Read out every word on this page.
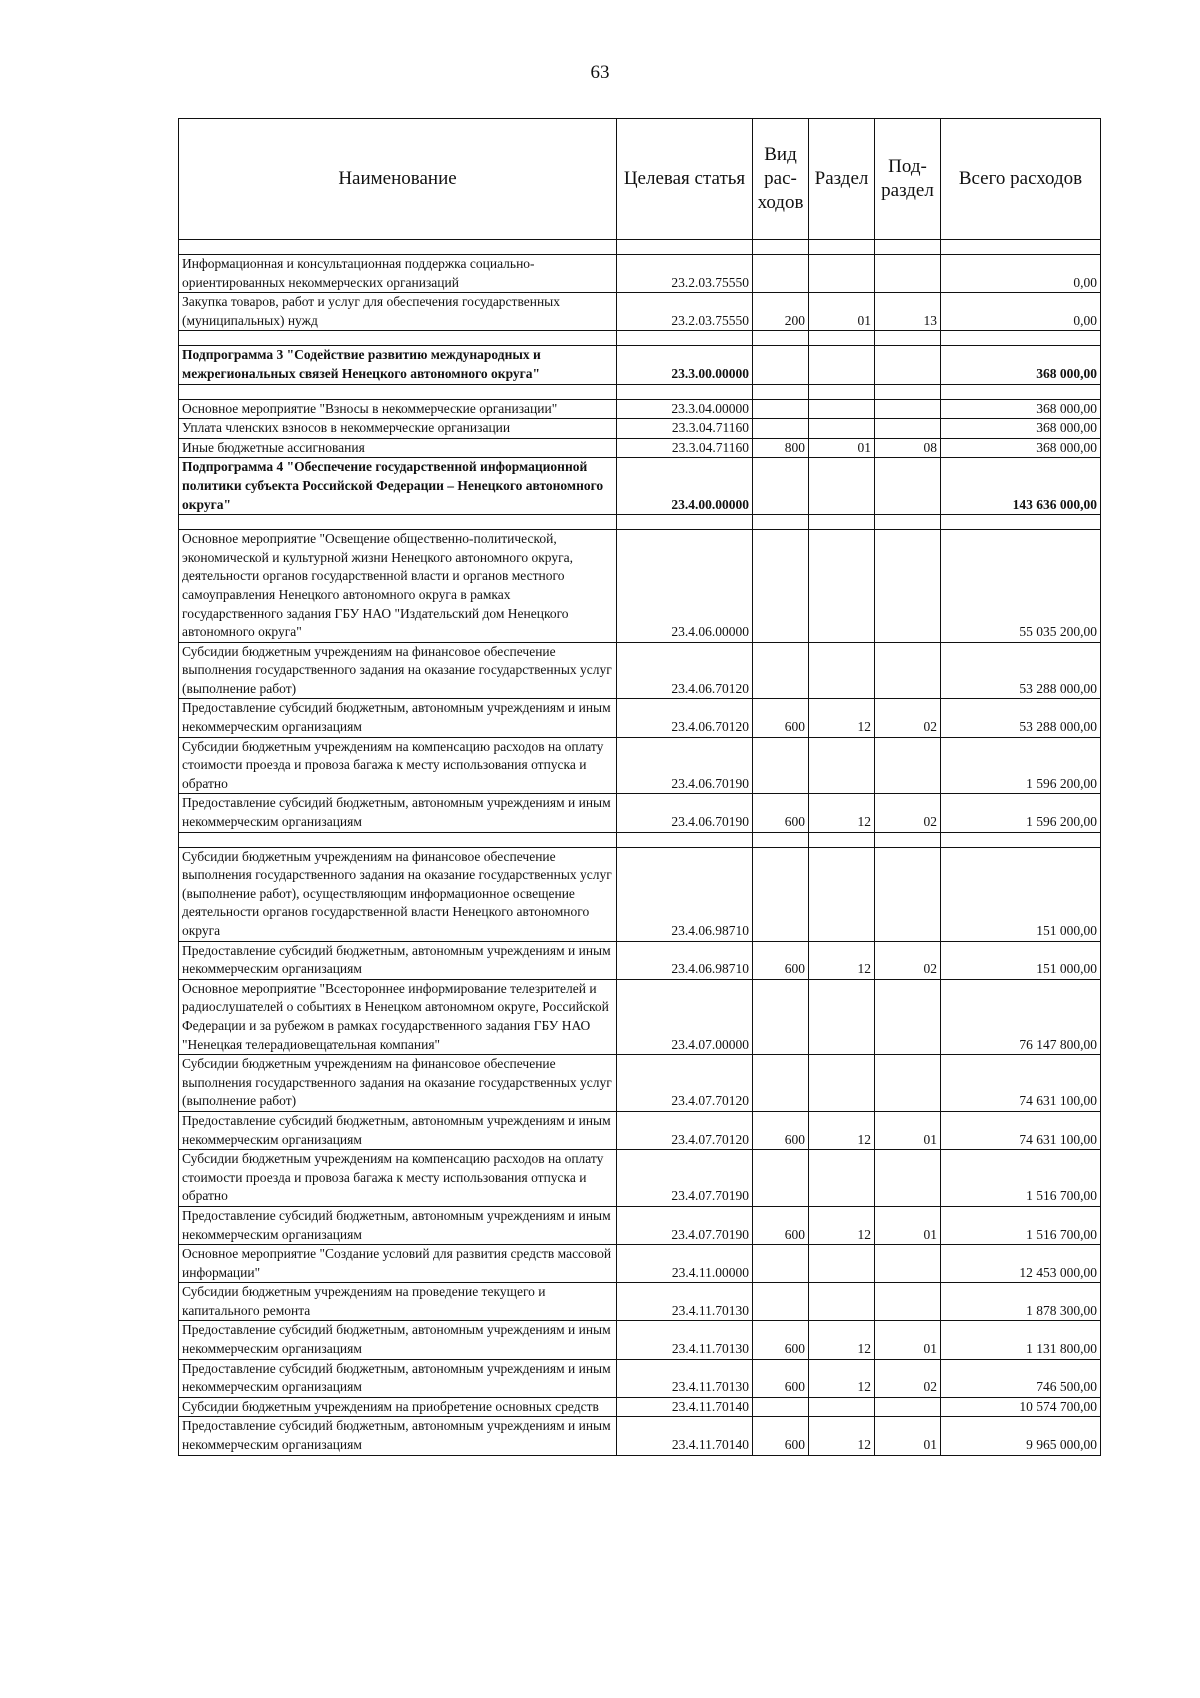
63
Наименование	Целевая статья	Вид рас-ходов	Раздел	Под-раздел	Всего расходов

Информационная и консультационная поддержка социально-ориентированных некоммерческих организаций	23.2.03.75550				0,00
Закупка товаров, работ и услуг для обеспечения государственных (муниципальных) нужд	23.2.03.75550	200	01	13	0,00

Подпрограмма 3 "Содействие развитию международных и межрегиональных связей Ненецкого автономного округа"	23.3.00.00000				368 000,00

Основное мероприятие "Взносы в некоммерческие организации"	23.3.04.00000				368 000,00
Уплата членских взносов в некоммерческие организации	23.3.04.71160				368 000,00
Иные бюджетные ассигнования	23.3.04.71160	800	01	08	368 000,00
Подпрограмма 4 "Обеспечение государственной информационной политики субъекта Российской Федерации – Ненецкого автономного округа"	23.4.00.00000				143 636 000,00

Основное мероприятие "Освещение общественно-политической, экономической и культурной жизни Ненецкого автономного округа, деятельности органов государственной власти и органов местного самоуправления Ненецкого автономного округа в рамках государственного задания ГБУ НАО "Издательский дом Ненецкого автономного округа"	23.4.06.00000				55 035 200,00
Субсидии бюджетным учреждениям на финансовое обеспечение выполнения государственного задания на оказание государственных услуг (выполнение работ)	23.4.06.70120				53 288 000,00
Предоставление субсидий бюджетным, автономным учреждениям и иным некоммерческим организациям	23.4.06.70120	600	12	02	53 288 000,00
Субсидии бюджетным учреждениям на компенсацию расходов на оплату стоимости проезда и провоза багажа к месту использования отпуска и обратно	23.4.06.70190				1 596 200,00
Предоставление субсидий бюджетным, автономным учреждениям и иным некоммерческим организациям	23.4.06.70190	600	12	02	1 596 200,00

Субсидии бюджетным учреждениям на финансовое обеспечение выполнения государственного задания на оказание государственных услуг (выполнение работ), осуществляющим информационное освещение деятельности органов государственной власти Ненецкого автономного округа	23.4.06.98710				151 000,00
Предоставление субсидий бюджетным, автономным учреждениям и иным некоммерческим организациям	23.4.06.98710	600	12	02	151 000,00
Основное мероприятие "Всестороннее информирование телезрителей и радиослушателей о событиях в Ненецком автономном округе, Российской Федерации и за рубежом в рамках государственного задания ГБУ НАО "Ненецкая телерадиовещательная компания"	23.4.07.00000				76 147 800,00
Субсидии бюджетным учреждениям на финансовое обеспечение выполнения государственного задания на оказание государственных услуг (выполнение работ)	23.4.07.70120				74 631 100,00
Предоставление субсидий бюджетным, автономным учреждениям и иным некоммерческим организациям	23.4.07.70120	600	12	01	74 631 100,00
Субсидии бюджетным учреждениям на компенсацию расходов на оплату стоимости проезда и провоза багажа к месту использования отпуска и обратно	23.4.07.70190				1 516 700,00
Предоставление субсидий бюджетным, автономным учреждениям и иным некоммерческим организациям	23.4.07.70190	600	12	01	1 516 700,00
Основное мероприятие "Создание условий для развития средств массовой информации"	23.4.11.00000				12 453 000,00
Субсидии бюджетным учреждениям на проведение текущего и капитального ремонта	23.4.11.70130				1 878 300,00
Предоставление субсидий бюджетным, автономным учреждениям и иным некоммерческим организациям	23.4.11.70130	600	12	01	1 131 800,00
Предоставление субсидий бюджетным, автономным учреждениям и иным некоммерческим организациям	23.4.11.70130	600	12	02	746 500,00
Субсидии бюджетным учреждениям на приобретение основных средств	23.4.11.70140				10 574 700,00
Предоставление субсидий бюджетным, автономным учреждениям и иным некоммерческим организациям	23.4.11.70140	600	12	01	9 965 000,00
